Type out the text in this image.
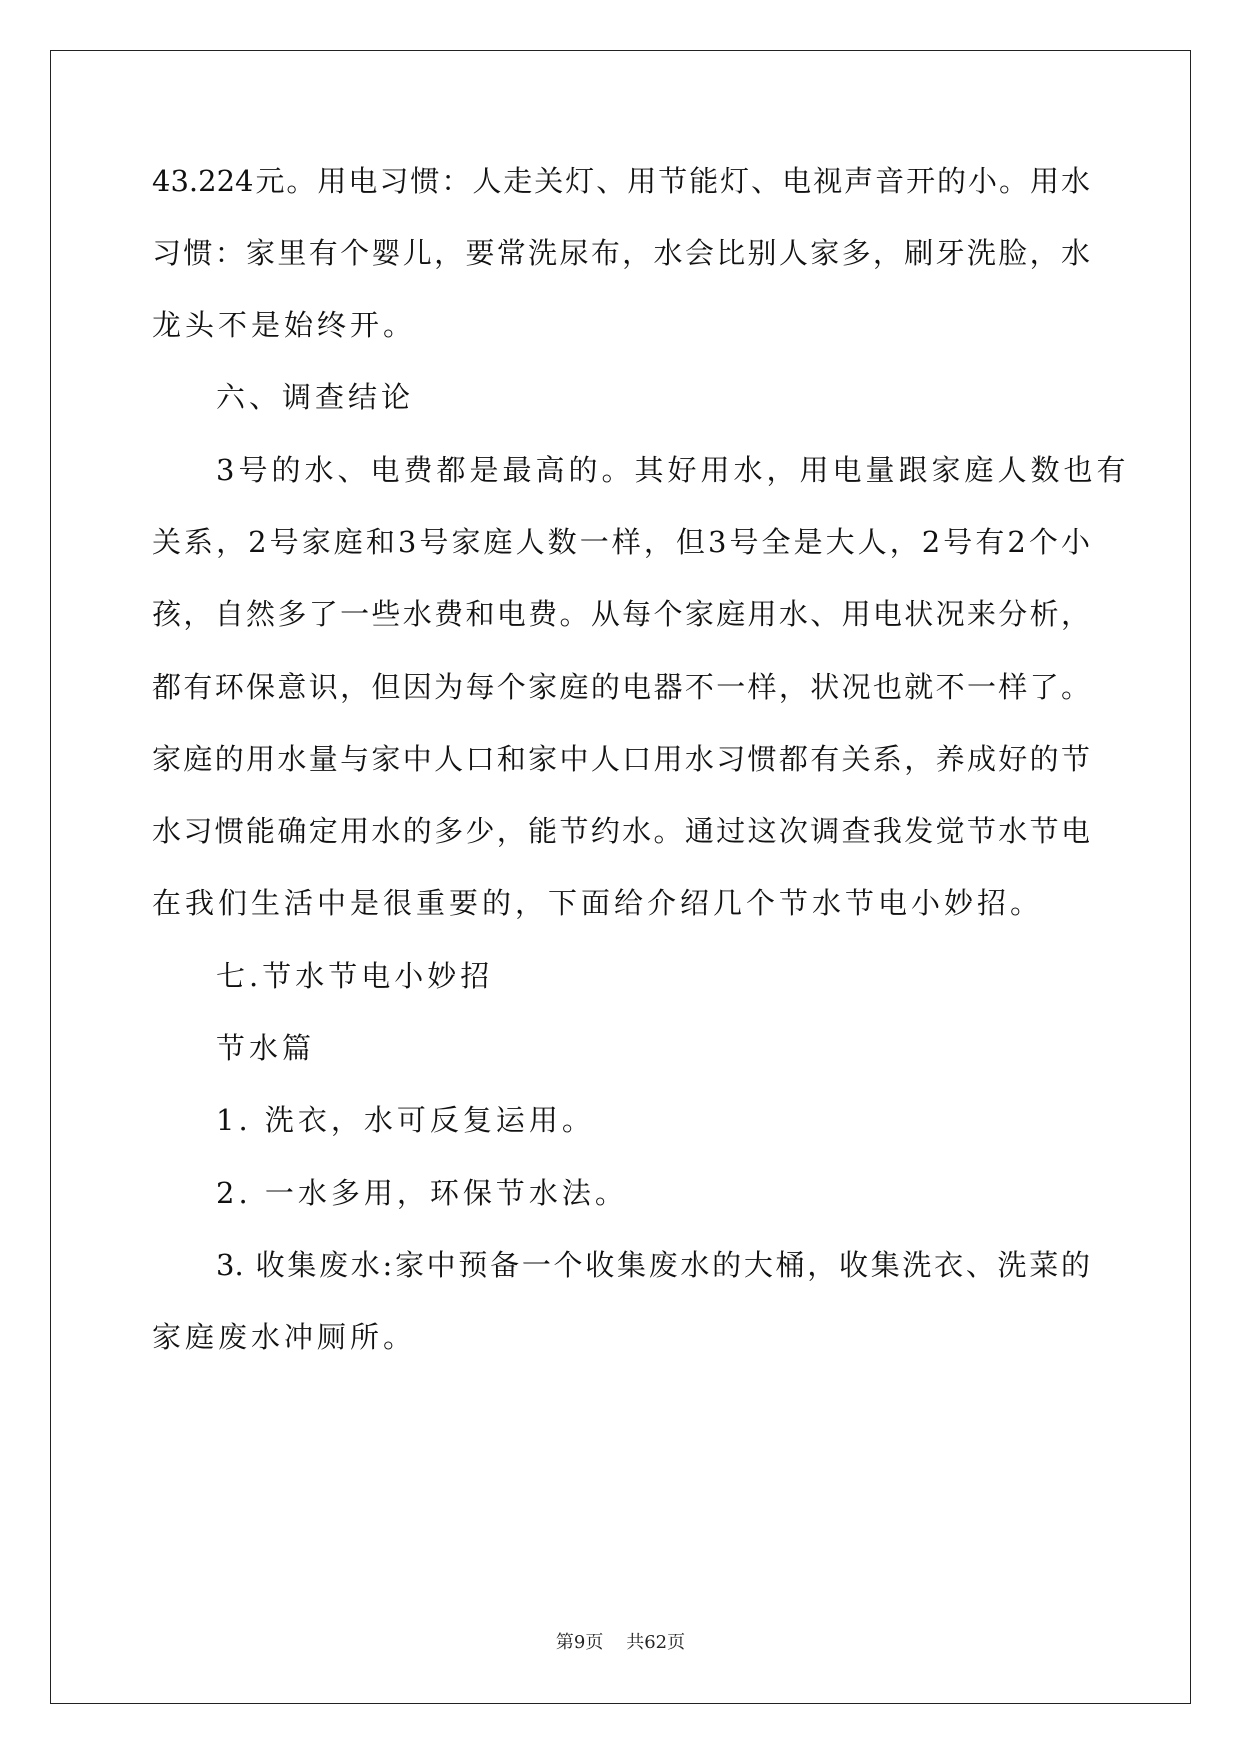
43.224元。用电习惯：人走关灯、用节能灯、电视声音开的小。用水
习惯：家里有个婴儿，要常洗尿布，水会比别人家多，刷牙洗脸，水
龙头不是始终开。
六、调查结论
3号的水、电费都是最高的。其好用水，用电量跟家庭人数也有
关系，2号家庭和3号家庭人数一样，但3号全是大人，2号有2个小
孩，自然多了一些水费和电费。从每个家庭用水、用电状况来分析，
都有环保意识，但因为每个家庭的电器不一样，状况也就不一样了。
家庭的用水量与家中人口和家中人口用水习惯都有关系，养成好的节
水习惯能确定用水的多少，能节约水。通过这次调查我发觉节水节电
在我们生活中是很重要的，下面给介绍几个节水节电小妙招。
七.节水节电小妙招
节水篇
1. 洗衣，水可反复运用。
2. 一水多用，环保节水法。
3. 收集废水:家中预备一个收集废水的大桶，收集洗衣、洗菜的
家庭废水冲厕所。
第9页    共62页
